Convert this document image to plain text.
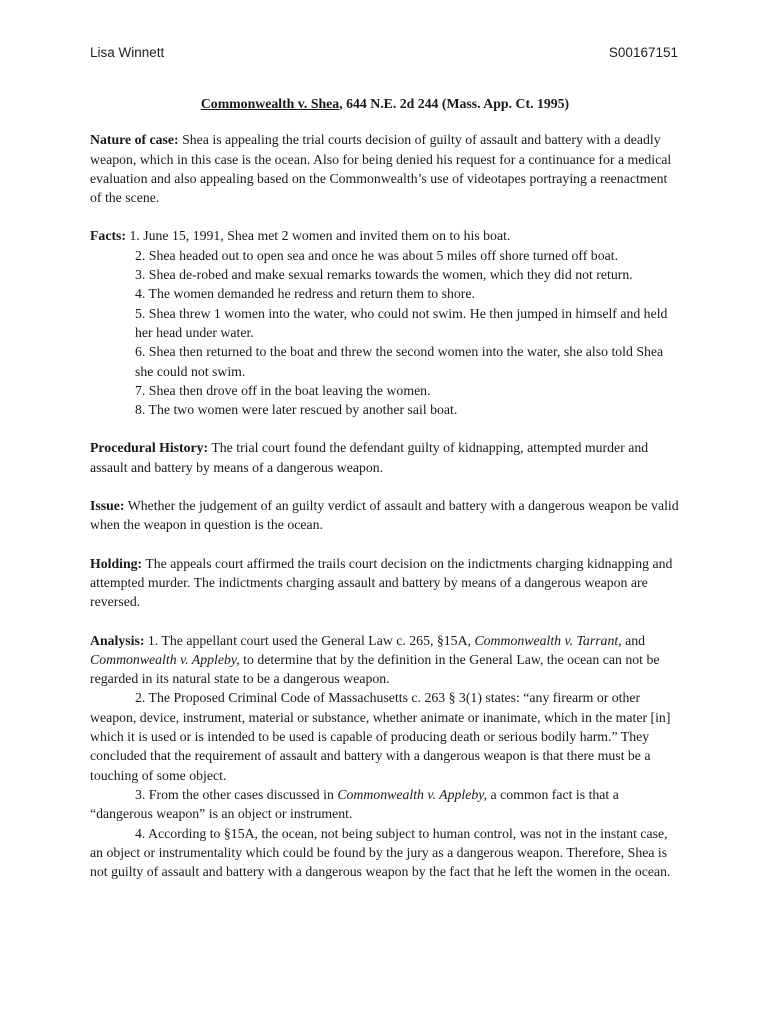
Lisa Winnett	S00167151

Commonwealth v. Shea, 644 N.E. 2d 244 (Mass. App. Ct. 1995)

Nature of case: Shea is appealing the trial courts decision of guilty of assault and battery with a deadly weapon, which in this case is the ocean. Also for being denied his request for a continuance for a medical evaluation and also appealing based on the Commonwealth’s use of videotapes portraying a reenactment of the scene.

Facts: 1. June 15, 1991, Shea met 2 women and invited them on to his boat.

2. Shea headed out to open sea and once he was about 5 miles off shore turned off boat.

3. Shea de-robed and make sexual remarks towards the women, which they did not return.

4. The women demanded he redress and return them to shore.

5. Shea threw 1 women into the water, who could not swim. He then jumped in himself and held her head under water.

6. Shea then returned to the boat and threw the second women into the water, she also told Shea she could not swim.

7. Shea then drove off in the boat leaving the women.

8. The two women were later rescued by another sail boat.

Procedural History: The trial court found the defendant guilty of kidnapping, attempted murder and assault and battery by means of a dangerous weapon.

Issue: Whether the judgement of an guilty verdict of assault and battery with a dangerous weapon be valid when the weapon in question is the ocean.

Holding: The appeals court affirmed the trails court decision on the indictments charging kidnapping and attempted murder. The indictments charging assault and battery by means of a dangerous weapon are reversed.

Analysis: 1. The appellant court used the General Law c. 265, §15A, Commonwealth v. Tarrant, and Commonwealth v. Appleby, to determine that by the definition in the General Law, the ocean can not be regarded in its natural state to be a dangerous weapon.

2. The Proposed Criminal Code of Massachusetts c. 263 § 3(1) states: “any firearm or other weapon, device, instrument, material or substance, whether animate or inanimate, which in the mater [in] which it is used or is intended to be used is capable of producing death or serious bodily harm.” They concluded that the requirement of assault and battery with a dangerous weapon is that there must be a touching of some object.

3. From the other cases discussed in Commonwealth v. Appleby, a common fact is that a “dangerous weapon” is an object or instrument.

4. According to §15A, the ocean, not being subject to human control, was not in the instant case, an object or instrumentality which could be found by the jury as a dangerous weapon. Therefore, Shea is not guilty of assault and battery with a dangerous weapon by the fact that he left the women in the ocean.
